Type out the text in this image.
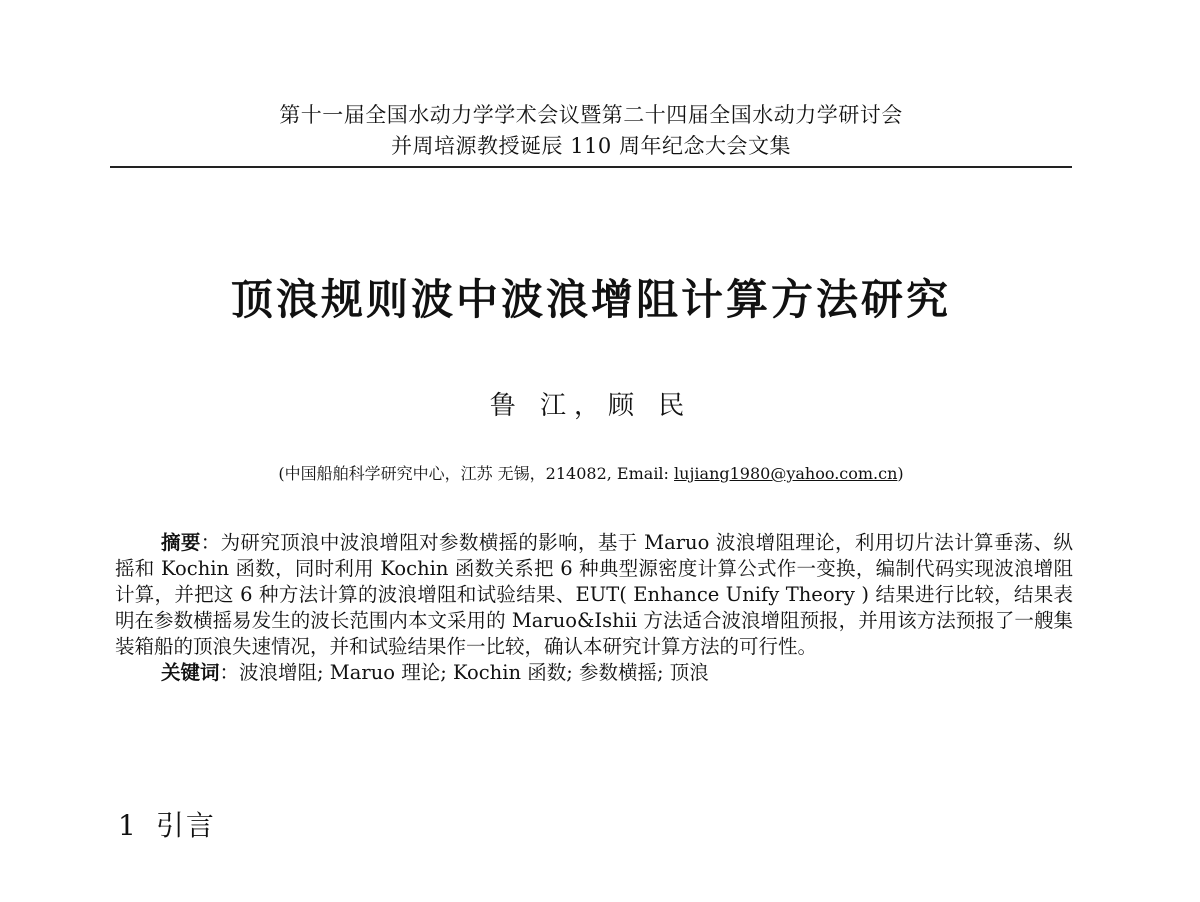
第十一届全国水动力学学术会议暨第二十四届全国水动力学研讨会
并周培源教授诞辰 110 周年纪念大会文集
顶浪规则波中波浪增阻计算方法研究
鲁 江，顾 民
(中国船舶科学研究中心，江苏 无锡，214082, Email: lujiang1980@yahoo.com.cn)
摘要：为研究顶浪中波浪增阻对参数横摇的影响，基于 Maruo 波浪增阻理论，利用切片法计算垂荡、纵摇和 Kochin 函数，同时利用 Kochin 函数关系把 6 种典型源密度计算公式作一变换，编制代码实现波浪增阻计算，并把这 6 种方法计算的波浪增阻和试验结果、EUT( Enhance Unify Theory ) 结果进行比较，结果表明在参数横摇易发生的波长范围内本文采用的 Maruo&Ishii 方法适合波浪增阻预报，并用该方法预报了一艘集装箱船的顶浪失速情况，并和试验结果作一比较，确认本研究计算方法的可行性。
关键词：波浪增阻; Maruo 理论; Kochin 函数; 参数横摇; 顶浪
1 引言
